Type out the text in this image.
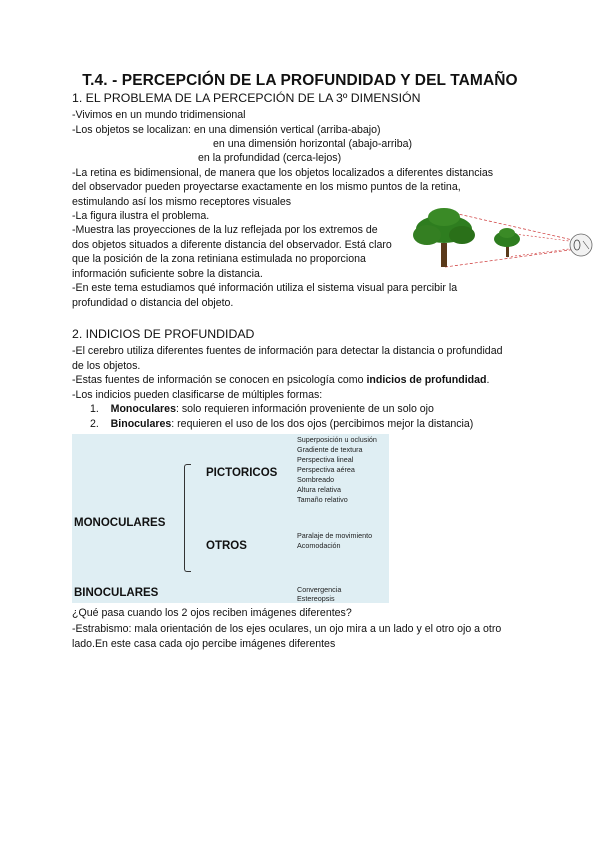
T.4. - PERCEPCIÓN DE LA PROFUNDIDAD Y DEL TAMAÑO
1. EL PROBLEMA DE LA PERCEPCIÓN DE LA 3º DIMENSIÓN
-Vivimos en un mundo tridimensional
-Los objetos se localizan: en una dimensión vertical (arriba-abajo)
en una dimensión horizontal (abajo-arriba)
en la profundidad (cerca-lejos)
-La retina es bidimensional, de manera que los objetos localizados a diferentes distancias
del observador pueden proyectarse exactamente en los mismo puntos de la retina,
estimulando así los mismo receptores visuales
-La figura ilustra el problema.
-Muestra las proyecciones de la luz reflejada por los extremos de
dos objetos situados a diferente distancia del observador. Está claro
que la posición de la zona retiniana estimulada no proporciona
información suficiente sobre la distancia.
-En este tema estudiamos qué información utiliza el sistema visual para percibir la
profundidad o distancia del objeto.
2. INDICIOS DE PROFUNDIDAD
-El cerebro utiliza diferentes fuentes de información para detectar la distancia o profundidad
de los objetos.
-Estas fuentes de información se conocen en psicología como indicios de profundidad.
-Los indicios pueden clasificarse de múltiples formas:
1. Monoculares: solo requieren información proveniente de un solo ojo
2. Binoculares: requieren el uso de los dos ojos (percibimos mejor la distancia)
MONOCULARES
BINOCULARES
PICTORICOS
OTROS
Superposición u oclusión
Gradiente de textura
Perspectiva lineal
Perspectiva aérea
Sombreado
Altura relativa
Tamaño relativo
Paralaje de movimiento
Acomodación
Convergencia
Estereopsis
¿Qué pasa cuando los 2 ojos reciben imágenes diferentes?
-Estrabismo: mala orientación de los ejes oculares, un ojo mira a un lado y el otro ojo a otro
lado.En este casa cada ojo percibe imágenes diferentes
